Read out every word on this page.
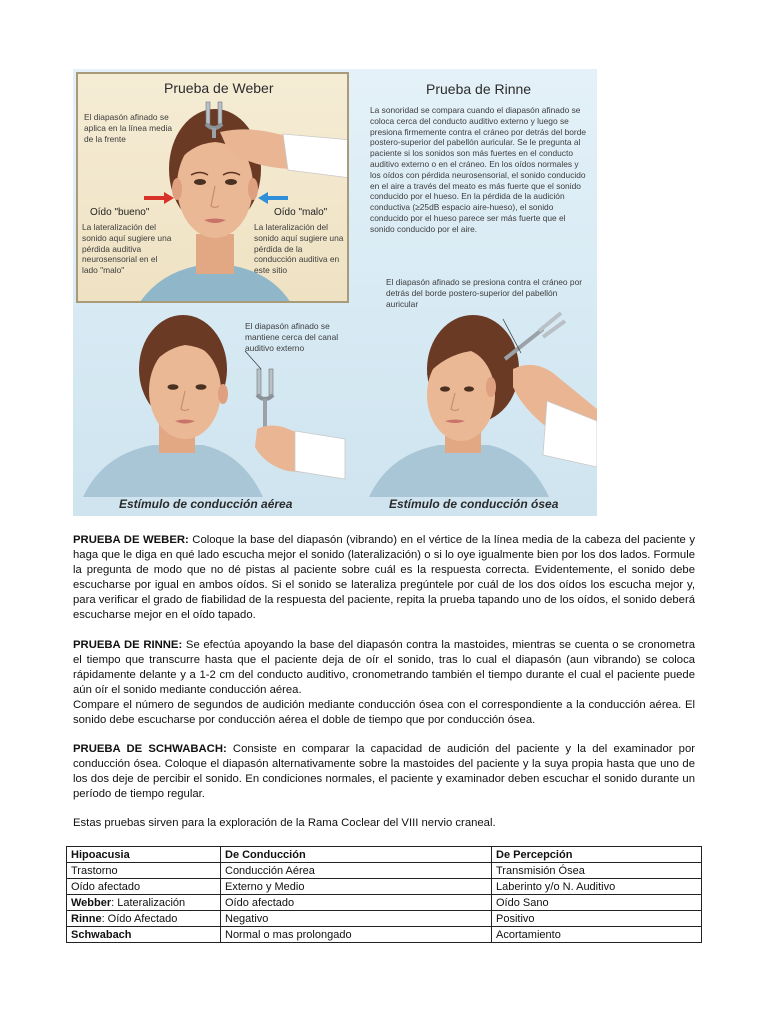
Prueba de Weber
El diapasón afinado se aplica en la línea media de la frente
Oído "bueno"	Oído "malo"
La lateralización del sonido aquí sugiere una pérdida auditiva neurosensorial en el lado "malo"
La lateralización del sonido aquí sugiere una pérdida de la conducción auditiva en este sitio
Prueba de Rinne
La sonoridad se compara cuando el diapasón afinado se coloca cerca del conducto auditivo externo y luego se presiona firmemente contra el cráneo por detrás del borde postero-superior del pabellón auricular. Se le pregunta al paciente si los sonidos son más fuertes en el conducto auditivo externo o en el cráneo. En los oídos normales y los oídos con pérdida neurosensorial, el sonido conducido en el aire a través del meato es más fuerte que el sonido conducido por el hueso. En la pérdida de la audición conductiva (≥25dB espacio aire-hueso), el sonido conducido por el hueso parece ser más fuerte que el sonido conducido por el aire.
El diapasón afinado se presiona contra el cráneo por detrás del borde postero-superior del pabellón auricular
El diapasón afinado se mantiene cerca del canal auditivo externo
Estímulo de conducción aérea	Estímulo de conducción ósea
PRUEBA DE WEBER: Coloque la base del diapasón (vibrando) en el vértice de la línea media de la cabeza del paciente y haga que le diga en qué lado escucha mejor el sonido (lateralización) o si lo oye igualmente bien por los dos lados. Formule la pregunta de modo que no dé pistas al paciente sobre cuál es la respuesta correcta. Evidentemente, el sonido debe escucharse por igual en ambos oídos. Si el sonido se lateraliza pregúntele por cuál de los dos oídos los escucha mejor y, para verificar el grado de fiabilidad de la respuesta del paciente, repita la prueba tapando uno de los oídos, el sonido deberá escucharse mejor en el oído tapado.
PRUEBA DE RINNE: Se efectúa apoyando la base del diapasón contra la mastoides, mientras se cuenta o se cronometra el tiempo que transcurre hasta que el paciente deja de oír el sonido, tras lo cual el diapasón (aun vibrando) se coloca rápidamente delante y a 1-2 cm del conducto auditivo, cronometrando también el tiempo durante el cual el paciente puede aún oír el sonido mediante conducción aérea.
Compare el número de segundos de audición mediante conducción ósea con el correspondiente a la conducción aérea. El sonido debe escucharse por conducción aérea el doble de tiempo que por conducción ósea.
PRUEBA DE SCHWABACH: Consiste en comparar la capacidad de audición del paciente y la del examinador por conducción ósea. Coloque el diapasón alternativamente sobre la mastoides del paciente y la suya propia hasta que uno de los dos deje de percibir el sonido. En condiciones normales, el paciente y examinador deben escuchar el sonido durante un período de tiempo regular.
Estas pruebas sirven para la exploración de la Rama Coclear del VIII nervio craneal.
Hipoacusia	De Conducción	De Percepción
Trastorno	Conducción Aérea	Transmisión Ósea
Oído afectado	Externo y Medio	Laberinto y/o N. Auditivo
Webber: Lateralización	Oído afectado	Oído Sano
Rinne: Oído Afectado	Negativo	Positivo
Schwabach	Normal o mas prolongado	Acortamiento
